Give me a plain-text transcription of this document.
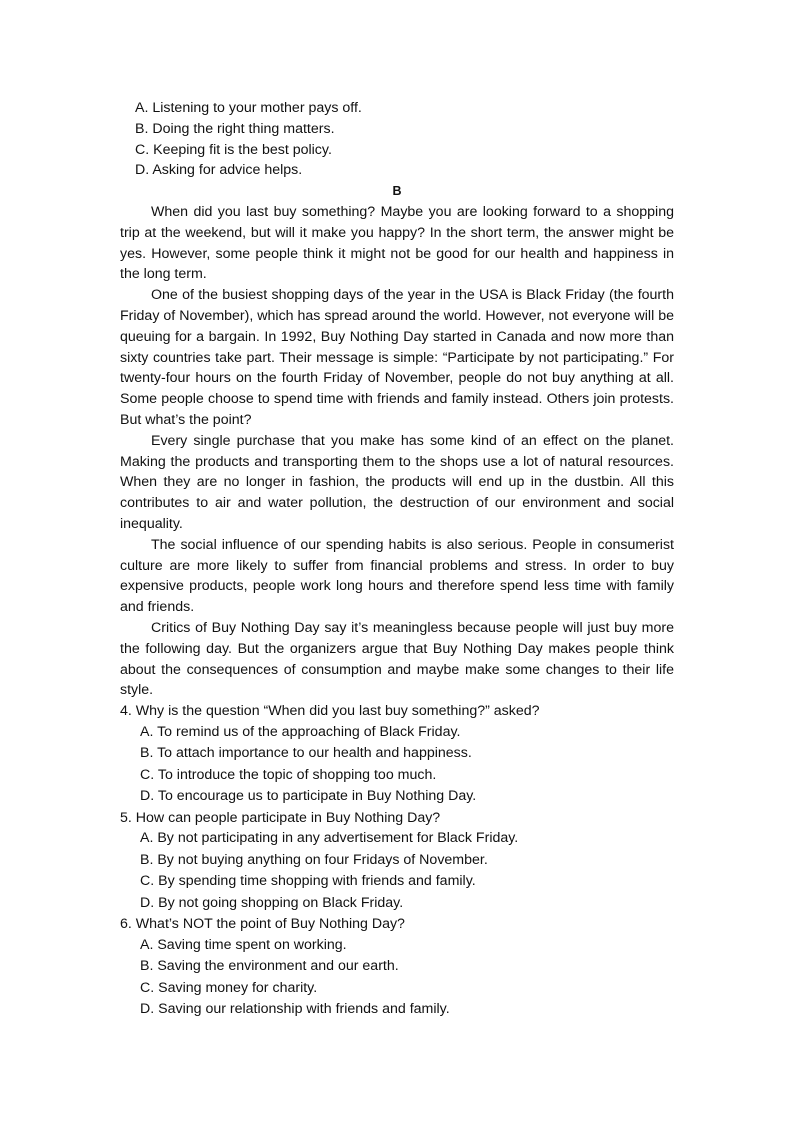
A. Listening to your mother pays off.

B. Doing the right thing matters.

C. Keeping fit is the best policy.

D. Asking for advice helps.

B

When did you last buy something? Maybe you are looking forward to a shopping trip at the weekend, but will it make you happy? In the short term, the answer might be yes. However, some people think it might not be good for our health and happiness in the long term.

One of the busiest shopping days of the year in the USA is Black Friday (the fourth Friday of November), which has spread around the world. However, not everyone will be queuing for a bargain. In 1992, Buy Nothing Day started in Canada and now more than sixty countries take part. Their message is simple: “Participate by not participating.” For twenty-four hours on the fourth Friday of November, people do not buy anything at all. Some people choose to spend time with friends and family instead. Others join protests. But what’s the point?

Every single purchase that you make has some kind of an effect on the planet. Making the products and transporting them to the shops use a lot of natural resources. When they are no longer in fashion, the products will end up in the dustbin. All this contributes to air and water pollution, the destruction of our environment and social inequality.

The social influence of our spending habits is also serious. People in consumerist culture are more likely to suffer from financial problems and stress. In order to buy expensive products, people work long hours and therefore spend less time with family and friends.

Critics of Buy Nothing Day say it’s meaningless because people will just buy more the following day. But the organizers argue that Buy Nothing Day makes people think about the consequences of consumption and maybe make some changes to their life style.

4. Why is the question “When did you last buy something?” asked?

A. To remind us of the approaching of Black Friday.

B. To attach importance to our health and happiness.

C. To introduce the topic of shopping too much.

D. To encourage us to participate in Buy Nothing Day.

5. How can people participate in Buy Nothing Day?

A. By not participating in any advertisement for Black Friday.

B. By not buying anything on four Fridays of November.

C. By spending time shopping with friends and family.

D. By not going shopping on Black Friday.

6. What’s NOT the point of Buy Nothing Day?

A. Saving time spent on working.

B. Saving the environment and our earth.

C. Saving money for charity.

D. Saving our relationship with friends and family.
